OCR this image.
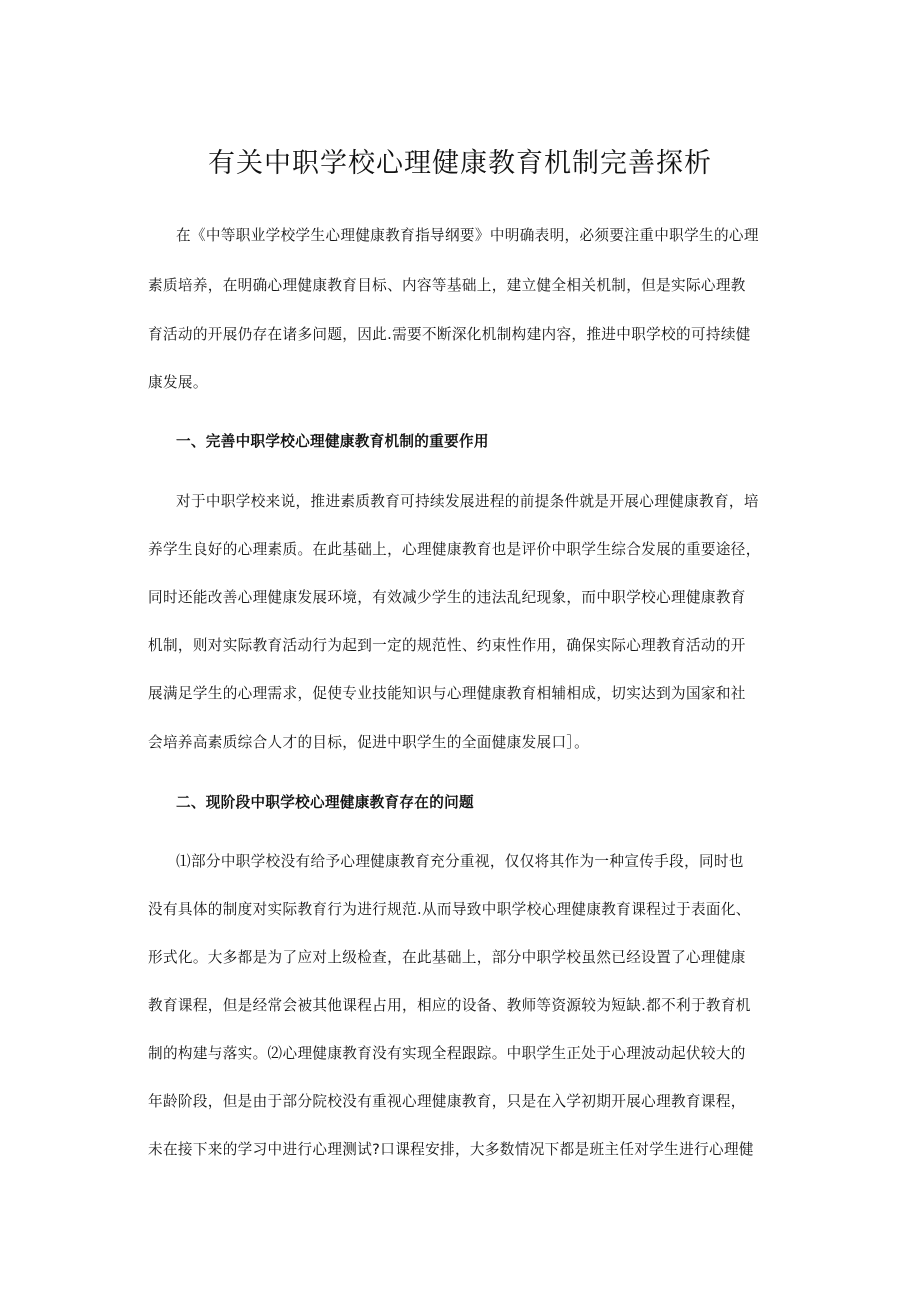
有关中职学校心理健康教育机制完善探析
在《中等职业学校学生心理健康教育指导纲要》中明确表明，必须要注重中职学生的心理
素质培养，在明确心理健康教育目标、内容等基础上，建立健全相关机制，但是实际心理教
育活动的开展仍存在诸多问题，因此.需要不断深化机制构建内容，推进中职学校的可持续健
康发展。
一、完善中职学校心理健康教育机制的重要作用
对于中职学校来说，推进素质教育可持续发展进程的前提条件就是开展心理健康教育，培
养学生良好的心理素质。在此基础上，心理健康教育也是评价中职学生综合发展的重要途径，
同时还能改善心理健康发展环境，有效减少学生的违法乱纪现象，而中职学校心理健康教育
机制，则对实际教育活动行为起到一定的规范性、约束性作用，确保实际心理教育活动的开
展满足学生的心理需求，促使专业技能知识与心理健康教育相辅相成，切实达到为国家和社
会培养高素质综合人才的目标，促进中职学生的全面健康发展口］。
二、现阶段中职学校心理健康教育存在的问题
⑴部分中职学校没有给予心理健康教育充分重视，仅仅将其作为一种宣传手段，同时也
没有具体的制度对实际教育行为进行规范.从而导致中职学校心理健康教育课程过于表面化、
形式化。大多都是为了应对上级检查，在此基础上，部分中职学校虽然已经设置了心理健康
教育课程，但是经常会被其他课程占用，相应的设备、教师等资源较为短缺.都不利于教育机
制的构建与落实。⑵心理健康教育没有实现全程跟踪。中职学生正处于心理波动起伏较大的
年龄阶段，但是由于部分院校没有重视心理健康教育，只是在入学初期开展心理教育课程，
未在接下来的学习中进行心理测试?口课程安排，大多数情况下都是班主任对学生进行心理健
